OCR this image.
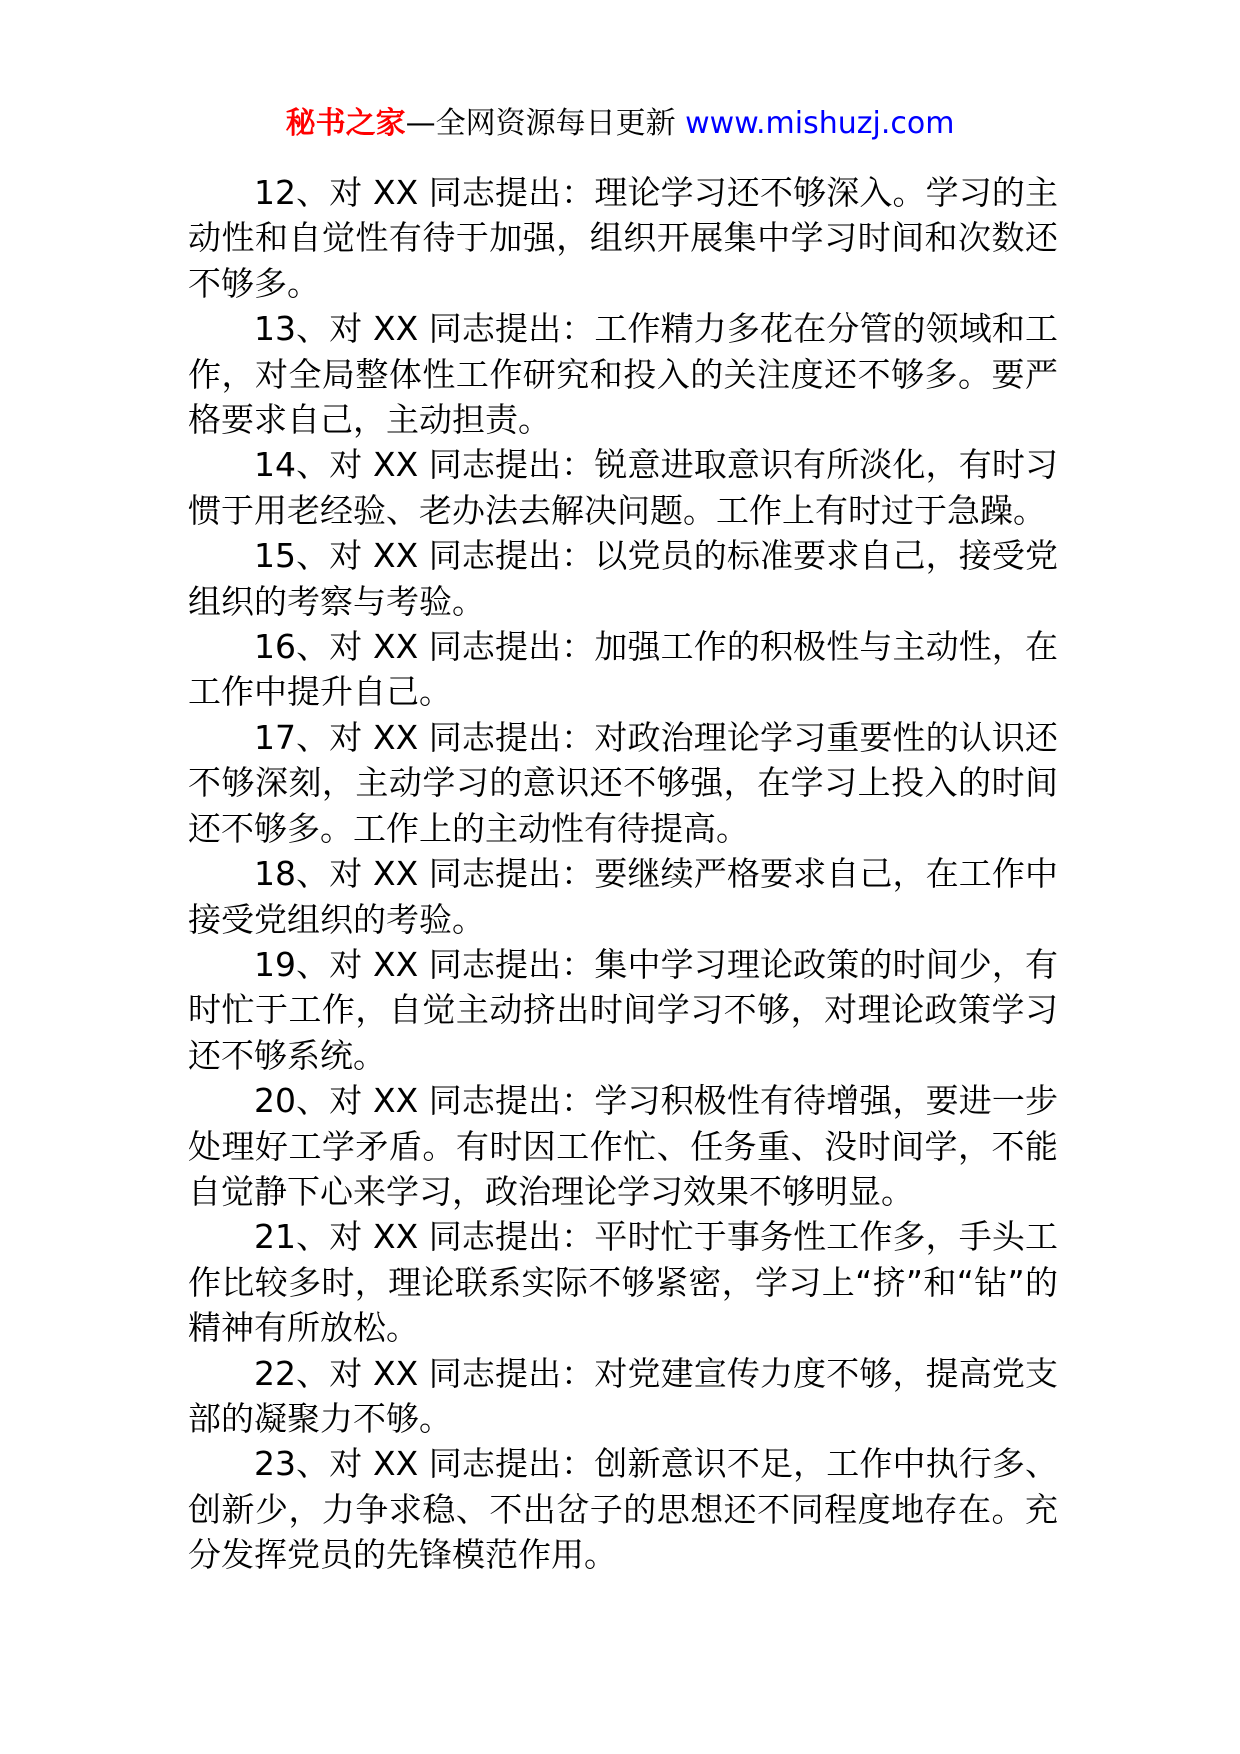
秘书之家—全网资源每日更新 www.mishuzj.com

12、对 XX 同志提出：理论学习还不够深入。学习的主动性和自觉性有待于加强，组织开展集中学习时间和次数还不够多。

13、对 XX 同志提出：工作精力多花在分管的领域和工作，对全局整体性工作研究和投入的关注度还不够多。要严格要求自己，主动担责。

14、对 XX 同志提出：锐意进取意识有所淡化，有时习惯于用老经验、老办法去解决问题。工作上有时过于急躁。

15、对 XX 同志提出：以党员的标准要求自己，接受党组织的考察与考验。

16、对 XX 同志提出：加强工作的积极性与主动性，在工作中提升自己。

17、对 XX 同志提出：对政治理论学习重要性的认识还不够深刻，主动学习的意识还不够强，在学习上投入的时间还不够多。工作上的主动性有待提高。

18、对 XX 同志提出：要继续严格要求自己，在工作中接受党组织的考验。

19、对 XX 同志提出：集中学习理论政策的时间少，有时忙于工作，自觉主动挤出时间学习不够，对理论政策学习还不够系统。

20、对 XX 同志提出：学习积极性有待增强，要进一步处理好工学矛盾。有时因工作忙、任务重、没时间学，不能自觉静下心来学习，政治理论学习效果不够明显。

21、对 XX 同志提出：平时忙于事务性工作多，手头工作比较多时，理论联系实际不够紧密，学习上“挤”和“钻”的精神有所放松。

22、对 XX 同志提出：对党建宣传力度不够，提高党支部的凝聚力不够。

23、对 XX 同志提出：创新意识不足，工作中执行多、创新少，力争求稳、不出岔子的思想还不同程度地存在。充分发挥党员的先锋模范作用。
